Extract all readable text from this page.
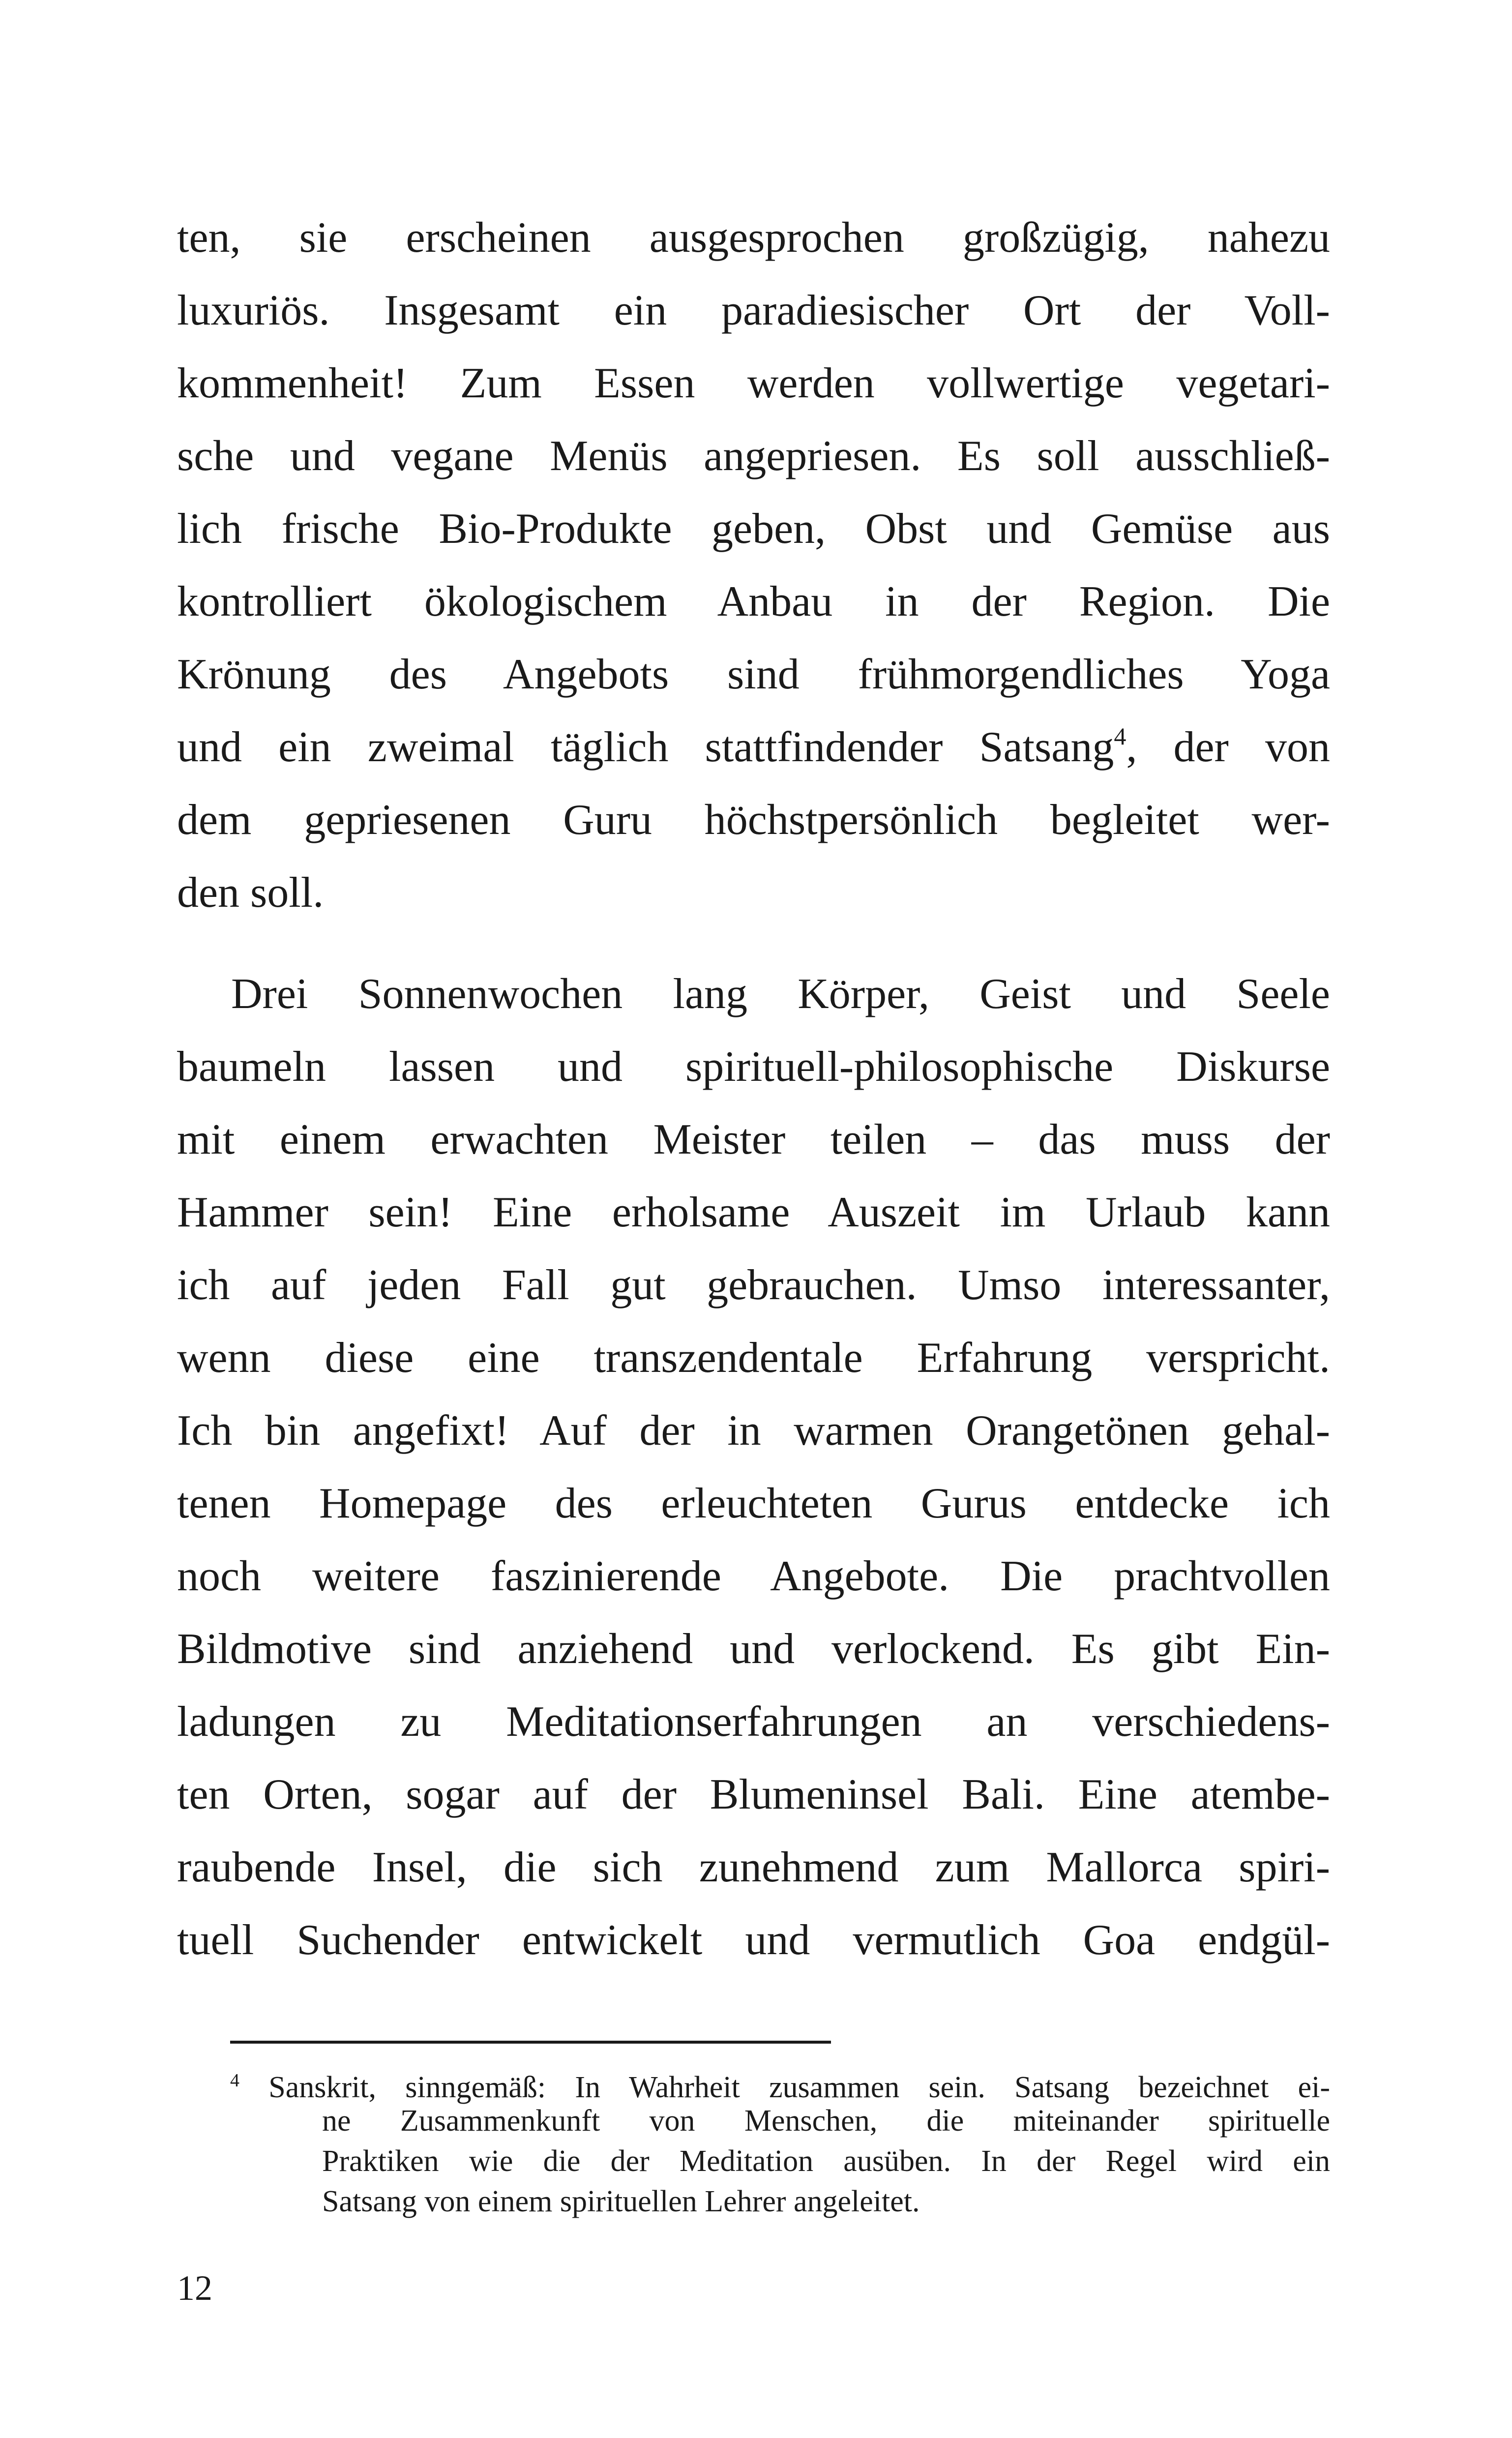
ten, sie erscheinen ausgesprochen großzügig, nahezu
luxuriös. Insgesamt ein paradiesischer Ort der Voll-
kommenheit! Zum Essen werden vollwertige vegetari-
sche und vegane Menüs angepriesen. Es soll ausschließ-
lich frische Bio-Produkte geben, Obst und Gemüse aus
kontrolliert ökologischem Anbau in der Region. Die
Krönung des Angebots sind frühmorgendliches Yoga
und ein zweimal täglich stattfindender Satsang$^4$, der von
dem gepriesenen Guru höchstpersönlich begleitet wer-
den soll.
Drei Sonnenwochen lang Körper, Geist und Seele
baumeln lassen und spirituell-philosophische Diskurse
mit einem erwachten Meister teilen – das muss der
Hammer sein! Eine erholsame Auszeit im Urlaub kann
ich auf jeden Fall gut gebrauchen. Umso interessanter,
wenn diese eine transzendentale Erfahrung verspricht.
Ich bin angefixt! Auf der in warmen Orangetönen gehal-
tenen Homepage des erleuchteten Gurus entdecke ich
noch weitere faszinierende Angebote. Die prachtvollen
Bildmotive sind anziehend und verlockend. Es gibt Ein-
ladungen zu Meditationserfahrungen an verschiedens-
ten Orten, sogar auf der Blumeninsel Bali. Eine atembe-
raubende Insel, die sich zunehmend zum Mallorca spiri-
tuell Suchender entwickelt und vermutlich Goa endgül-
$^4$ Sanskrit, sinngemäß: In Wahrheit zusammen sein. Satsang bezeichnet ei-
ne Zusammenkunft von Menschen, die miteinander spirituelle
Praktiken wie die der Meditation ausüben. In der Regel wird ein
Satsang von einem spirituellen Lehrer angeleitet.
12
